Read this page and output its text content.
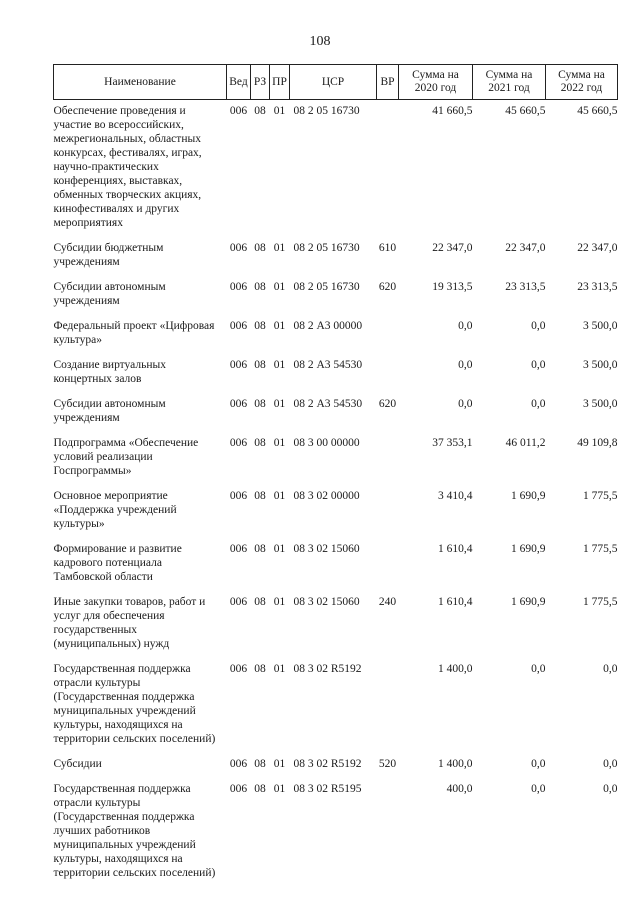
108
Наименование	Вед	РЗ	ПР	ЦСР	ВР	Сумма на 2020 год	Сумма на 2021 год	Сумма на 2022 год
Обеспечение проведения и участие во всероссийских, межрегиональных, областных конкурсах, фестивалях, играх, научно-практических конференциях, выставках, обменных творческих акциях, кинофестивалях и других мероприятиях	006	08	01	08 2 05 16730		41 660,5	45 660,5	45 660,5
Субсидии бюджетным учреждениям	006	08	01	08 2 05 16730	610	22 347,0	22 347,0	22 347,0
Субсидии автономным учреждениям	006	08	01	08 2 05 16730	620	19 313,5	23 313,5	23 313,5
Федеральный проект «Цифровая культура»	006	08	01	08 2 А3 00000		0,0	0,0	3 500,0
Создание виртуальных концертных залов	006	08	01	08 2 А3 54530		0,0	0,0	3 500,0
Субсидии автономным учреждениям	006	08	01	08 2 А3 54530	620	0,0	0,0	3 500,0
Подпрограмма «Обеспечение условий реализации Госпрограммы»	006	08	01	08 3 00 00000		37 353,1	46 011,2	49 109,8
Основное мероприятие «Поддержка учреждений культуры»	006	08	01	08 3 02 00000		3 410,4	1 690,9	1 775,5
Формирование и развитие кадрового потенциала Тамбовской области	006	08	01	08 3 02 15060		1 610,4	1 690,9	1 775,5
Иные закупки товаров, работ и услуг для обеспечения государственных (муниципальных) нужд	006	08	01	08 3 02 15060	240	1 610,4	1 690,9	1 775,5
Государственная поддержка отрасли культуры (Государственная поддержка муниципальных учреждений культуры, находящихся на территории сельских поселений)	006	08	01	08 3 02 R5192		1 400,0	0,0	0,0
Субсидии	006	08	01	08 3 02 R5192	520	1 400,0	0,0	0,0
Государственная поддержка отрасли культуры (Государственная поддержка лучших работников муниципальных учреждений культуры, находящихся на территории сельских поселений)	006	08	01	08 3 02 R5195		400,0	0,0	0,0
